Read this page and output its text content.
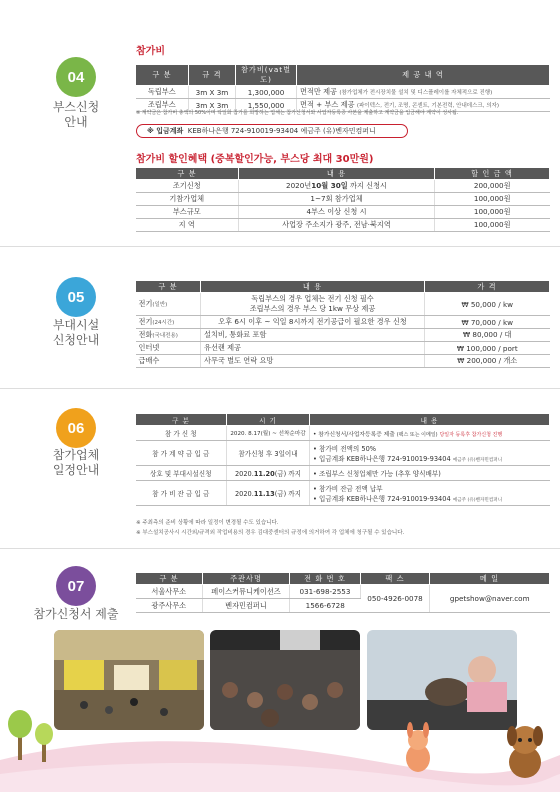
04
부스신청
안내
참가비
구 분	규 격	참가비(vat별도)	제 공 내 역
독립부스	3m X 3m	1,300,000	면적만 제공 (참가업체가 전시장치물 설치 및 디스플레이를 자체적으로 진행)
조립부스	3m X 3m	1,550,000	면적 + 부스 제공 (파이텍스, 전기, 조명, 콘센트, 기본전력, 안내데스크, 의자)
※ 계약금은 참가비 총액의 50%이며 탁일화 참가를 희망하는 업체는 참가신청서와 사업자등록증 사본을 제출하고 계약금을 입금해야 계약이 성사됨.
※ 입금계좌
KEB하나은행 724-910019-93404 예금주 (유)벤자민컴퍼니
참가비 할인혜택 (중복할인가능, 부스당 최대 30만원)
구 분	내 용	할 인 금 액
조기신청	2020년10월 30일 까지 신청시	200,000원
기참가업체	1~7회 참가업체	100,000원
부스규모	4부스 이상 신청 시	100,000원
지 역	사업장 주소지가 광주, 전남·북지역	100,000원
05
부대시설
신청안내
구 분	내 용	가 격
전기(일반)	독립부스의 경우 업체는 전기 신청 필수
조립부스의 경우 부스 당 1kw 무상 제공	₩ 50,000 / kw
전기(24시간)	오후 6시 이후 ~ 익일 8시까지 전기공급이 필요한 경우 신청	₩ 70,000 / kw
전화(국내전용)	설치비, 통화료 포함	₩ 80,000 / 대
인터넷	유선랜 제공	₩ 100,000 / port
급배수	사무국 별도 연락 요망	₩ 200,000 / 개소
06
참가업체
일정안내
구 분	시 기	내 용
참 가 신 청	2020. 8.17(월) ~ 선착순마감	• 참가신청서/사업자등록증 제출 (팩스 또는 이메일) 당일자 등록후 참가신청 진행
참 가 계 약 금 입 금	참가신청 후 3일이내	• 참가비 전액의 50%
• 입금계좌 KEB하나은행 724-910019-93404 예금주 (유)벤자민컴퍼니

상호 및 부대시설신청	2020.11.20(금) 까지	• 조립부스 신청업체만 가능 (추후 양식배부)
참 가 비 잔 금 입 금	2020.11.13(금) 까지	• 참가비 잔금 전액 납부
• 입금계좌 KEB하나은행 724-910019-93404 예금주 (유)벤자민컴퍼니
※ 주최측의 준비 상황에 따라 일정이 변경될 수도 있습니다.
※ 부스설치공사시 시간외/규격외 작업비용의 경우 김대중센터의 규정에 의거하여 각 업체에 청구될 수 있습니다.
07
참가신청서 제출
구 분	주관사명	전 화 번 호	팩 스	메 일
서울사무소	페이스커뮤니케이션즈	031-698-2553	050-4926-0078	gpetshow@naver.com
광주사무소	벤자민컴퍼니	1566-6728		
